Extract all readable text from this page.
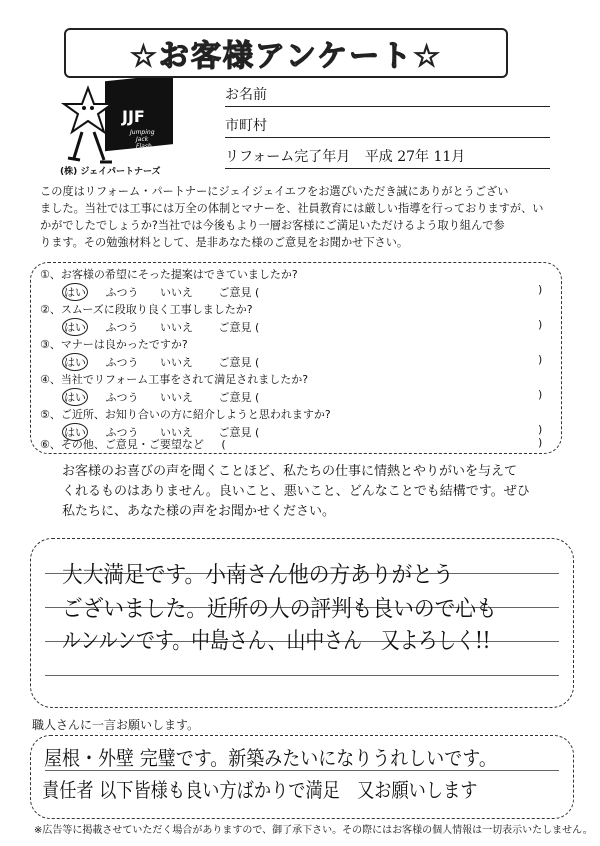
☆お客様アンケート☆
JJF
Jumping
Jack
Flash
(株) ジェイパートナーズ
お名前
市町村
リフォーム完了年月 平成 27年 11月
この度はリフォーム・パートナーにジェイジェイエフをお選びいただき誠にありがとうござい
ました。当社では工事には万全の体制とマナーを、社員教育には厳しい指導を行っておりますが、い
かがでしたでしょうか?当社では今後もより一層お客様にご満足いただけるよう取り組んで参
ります。その勉強材料として、是非あなた様のご意見をお聞かせ下さい。
①、お客様の希望にそった提案はできていましたか?
はい ふつう いいえ ご意見 (	)
②、スムーズに段取り良く工事しましたか?
はい ふつう いいえ ご意見 (	)
③、マナーは良かったですか?
はい ふつう いいえ ご意見 (	)
④、当社でリフォーム工事をされて満足されましたか?
はい ふつう いいえ ご意見 (	)
⑤、ご近所、お知り合いの方に紹介しようと思われますか?
はい ふつう いいえ ご意見 (	)
⑥、その他、ご意見・ご要望など (	)
お客様のお喜びの声を聞くことほど、私たちの仕事に情熱とやりがいを与えて
くれるものはありません。良いこと、悪いこと、どんなことでも結構です。ぜひ
私たちに、あなた様の声をお聞かせください。
大大満足です。小南さん他の方ありがとう
ございました。近所の人の評判も良いので心も
ルンルンです。中島さん、山中さん　又よろしく!!
職人さんに一言お願いします。
屋根・外壁 完璧です。新築みたいになりうれしいです。
責任者 以下皆様も良い方ばかりで満足　又お願いします
※広告等に掲載させていただく場合がありますので、御了承下さい。その際にはお客様の個人情報は一切表示いたしません。
